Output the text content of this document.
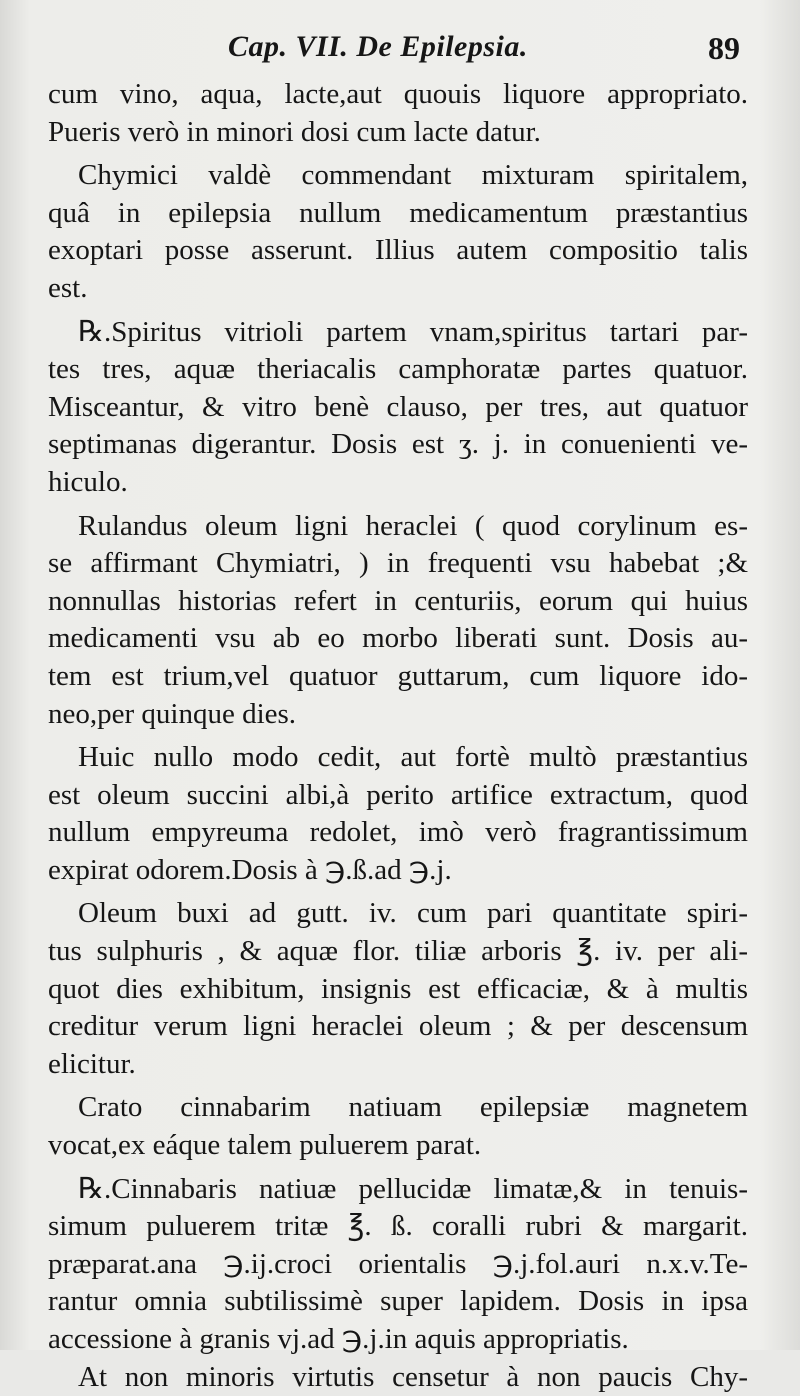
Cap. VII. De Epilepsia.	89
cum vino, aqua, lacte,aut quouis liquore appropriato.
Pueris verò in minori dosi cum lacte datur.
Chymici valdè commendant mixturam spiritalem,
quâ in epilepsia nullum medicamentum præstantius
exoptari posse asserunt. Illius autem compositio talis
est.
℞.Spiritus vitrioli partem vnam,spiritus tartari par-
tes tres, aquæ theriacalis camphoratæ partes quatuor.
Misceantur, & vitro benè clauso, per tres, aut quatuor
septimanas digerantur. Dosis est ʒ. j. in conuenienti ve-
hiculo.
Rulandus oleum ligni heraclei ( quod corylinum es-
se affirmant Chymiatri, ) in frequenti vsu habebat ;&
nonnullas historias refert in centuriis, eorum qui huius
medicamenti vsu ab eo morbo liberati sunt. Dosis au-
tem est trium,vel quatuor guttarum, cum liquore ido-
neo,per quinque dies.
Huic nullo modo cedit, aut fortè multò præstantius
est oleum succini albi,à perito artifice extractum, quod
nullum empyreuma redolet, imò verò fragrantissimum
expirat odorem.Dosis à ℈.ß.ad ℈.j.
Oleum buxi ad gutt. iv. cum pari quantitate spiri-
tus sulphuris , & aquæ flor. tiliæ arboris ℥. iv. per ali-
quot dies exhibitum, insignis est efficaciæ, & à multis
creditur verum ligni heraclei oleum ; & per descensum
elicitur.
Crato cinnabarim natiuam epilepsiæ magnetem
vocat,ex eáque talem puluerem parat.
℞.Cinnabaris natiuæ pellucidæ limatæ,& in tenuis-
simum puluerem tritæ ℥. ß. coralli rubri & margarit.
præparat.ana ℈.ij.croci orientalis ℈.j.fol.auri n.x.v.Te-
rantur omnia subtilissimè super lapidem. Dosis in ipsa
accessione à granis vj.ad ℈.j.in aquis appropriatis.
At non minoris virtutis censetur à non paucis Chy-
